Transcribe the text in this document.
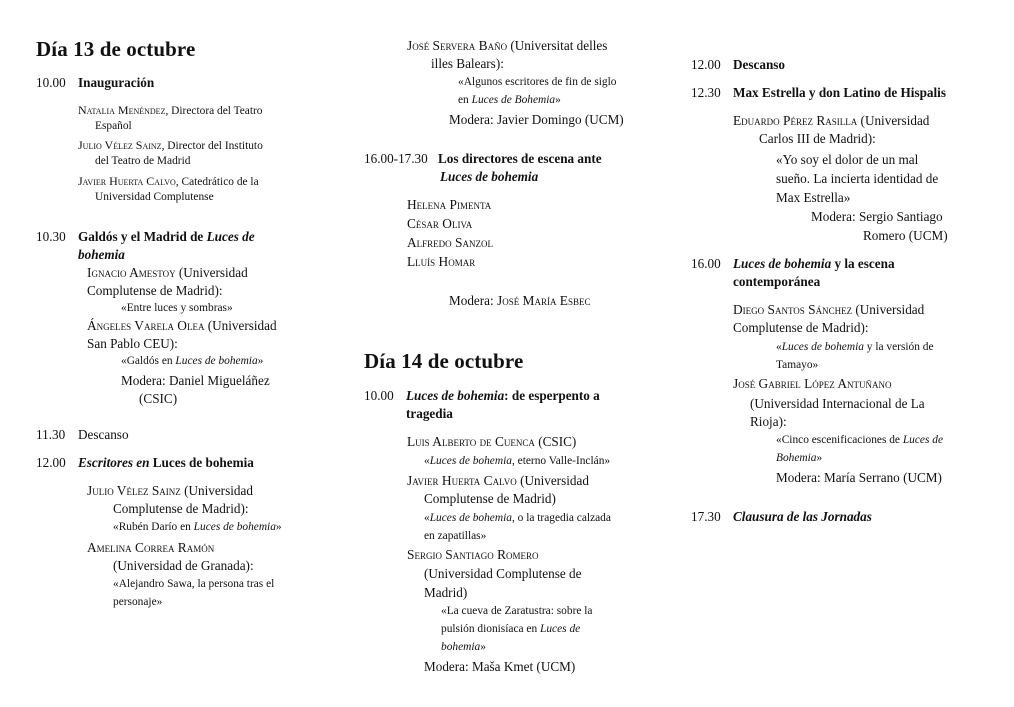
Día 13 de octubre
10.00 Inauguración
Natalia Menéndez, Directora del Teatro
Español
Julio Vélez Sainz, Director del Instituto
del Teatro de Madrid
Javier Huerta Calvo, Catedrático de la
Universidad Complutense
10.30 Galdós y el Madrid de Luces de
bohemia
Ignacio Amestoy (Universidad
Complutense de Madrid):
«Entre luces y sombras»
Ángeles Varela Olea (Universidad
San Pablo CEU):
«Galdós en Luces de bohemia»
Modera: Daniel Migueláñez
(CSIC)
11.30 Descanso
12.00 Escritores en Luces de bohemia
Julio Vélez Sainz (Universidad
Complutense de Madrid):
«Rubén Darío en Luces de bohemia»
Amelina Correa Ramón
(Universidad de Granada):
«Alejandro Sawa, la persona tras el
personaje»
José Servera Baño (Universitat delles
illes Balears):
«Algunos escritores de fin de siglo
en Luces de Bohemia»
Modera: Javier Domingo (UCM)
16.00-17.30 Los directores de escena ante
Luces de bohemia
Helena Pimenta
César Oliva
Alfredo Sanzol
Lluís Homar
Modera: José María Esbec
Día 14 de octubre
10.00 Luces de bohemia: de esperpento a
tragedia
Luis Alberto de Cuenca (CSIC)
«Luces de bohemia, eterno Valle-Inclán»
Javier Huerta Calvo (Universidad
Complutense de Madrid)
«Luces de bohemia, o la tragedia calzada
en zapatillas»
Sergio Santiago Romero
(Universidad Complutense de
Madrid)
«La cueva de Zaratustra: sobre la
pulsión dionisíaca en Luces de
bohemia»
Modera: Maša Kmet (UCM)
12.00 Descanso
12.30 Max Estrella y don Latino de Hispalis
Eduardo Pérez Rasilla (Universidad
Carlos III de Madrid):
«Yo soy el dolor de un mal
sueño. La incierta identidad de
Max Estrella»
Modera: Sergio Santiago
Romero (UCM)
16.00 Luces de bohemia y la escena
contemporánea
Diego Santos Sánchez (Universidad
Complutense de Madrid):
«Luces de bohemia y la versión de
Tamayo»
José Gabriel López Antuñano
(Universidad Internacional de La
Rioja):
«Cinco escenificaciones de Luces de
Bohemia»
Modera: María Serrano (UCM)
17.30 Clausura de las Jornadas
